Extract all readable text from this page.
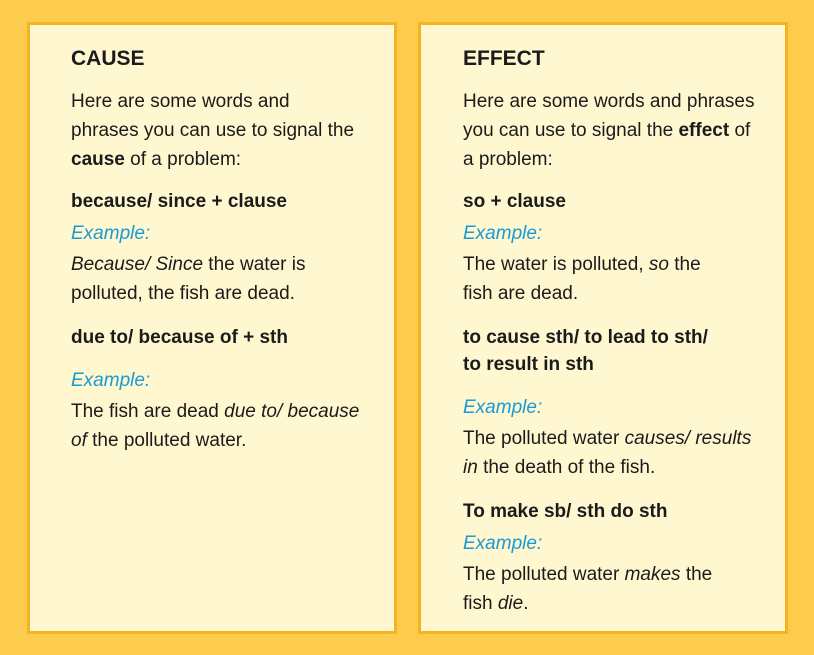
CAUSE
Here are some words and phrases you can use to signal the cause of a problem:
because/ since + clause
Example:
Because/ Since the water is polluted, the fish are dead.
due to/ because of + sth
Example:
The fish are dead due to/ because of the polluted water.
EFFECT
Here are some words and phrases you can use to signal the effect of a problem:
so + clause
Example:
The water is polluted, so the fish are dead.
to cause sth/ to lead to sth/
to result in sth
Example:
The polluted water causes/ results in the death of the fish.
To make sb/ sth do sth
Example:
The polluted water makes the fish die.
